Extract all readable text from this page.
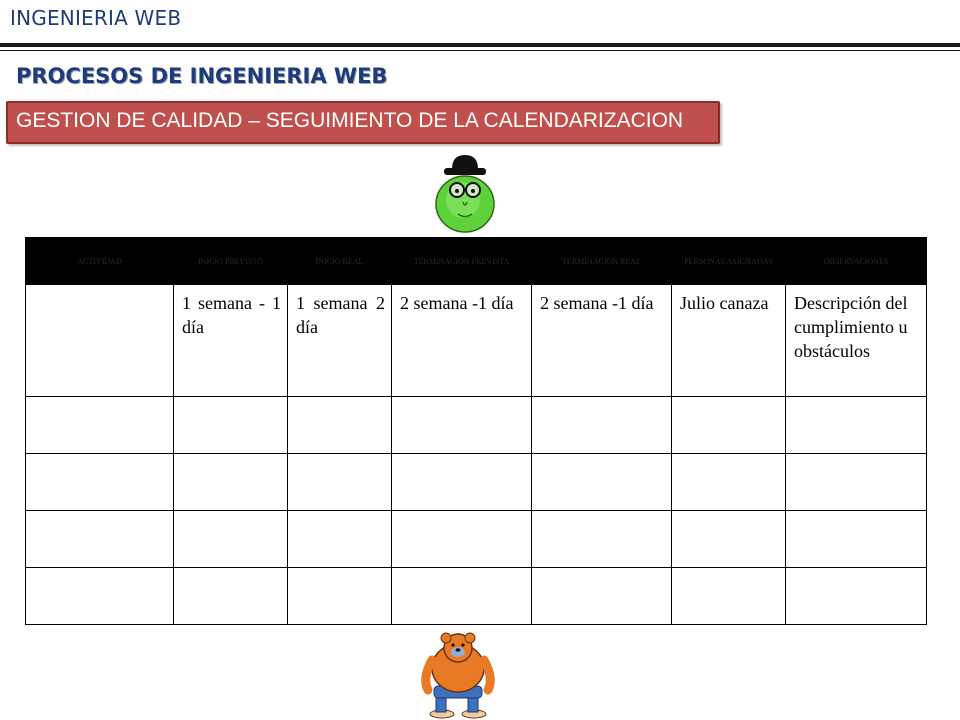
INGENIERIA WEB
PROCESOS DE INGENIERIA WEB
GESTION DE CALIDAD – SEGUIMIENTO DE LA CALENDARIZACION
ACTIVIDAD	INICIO PREVISTO	INICIO REAL	TERMINACION PREVISTA	TERMINACION REAL	PERSONAS ASIGNADAS	OBSERVACIONES
	1 semana - 1 día	1 semana 2 día	2 semana -1 día	2 semana -1 día	Julio canaza	Descripción del cumplimiento u obstáculos
